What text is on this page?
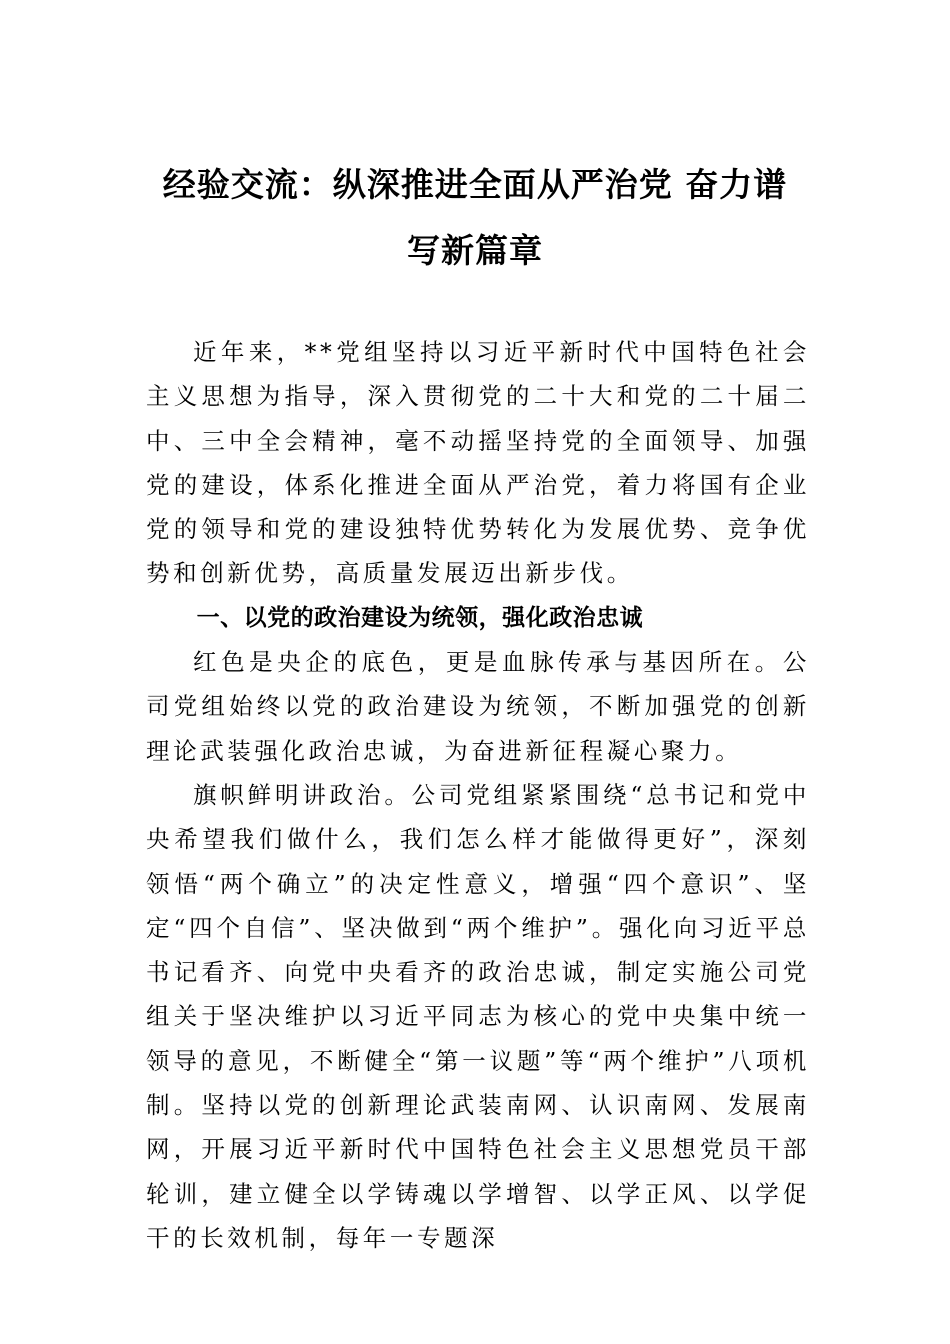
经验交流：纵深推进全面从严治党 奋力谱
写新篇章

近年来，**党组坚持以习近平新时代中国特色社会主义思想为指导，深入贯彻党的二十大和党的二十届二中、三中全会精神，毫不动摇坚持党的全面领导、加强党的建设，体系化推进全面从严治党，着力将国有企业党的领导和党的建设独特优势转化为发展优势、竞争优势和创新优势，高质量发展迈出新步伐。

一、以党的政治建设为统领，强化政治忠诚

红色是央企的底色，更是血脉传承与基因所在。公司党组始终以党的政治建设为统领，不断加强党的创新理论武装强化政治忠诚，为奋进新征程凝心聚力。

旗帜鲜明讲政治。公司党组紧紧围绕“总书记和党中央希望我们做什么，我们怎么样才能做得更好”，深刻领悟“两个确立”的决定性意义，增强“四个意识”、坚定“四个自信”、坚决做到“两个维护”。强化向习近平总书记看齐、向党中央看齐的政治忠诚，制定实施公司党组关于坚决维护以习近平同志为核心的党中央集中统一领导的意见，不断健全“第一议题”等“两个维护”八项机制。坚持以党的创新理论武装南网、认识南网、发展南网，开展习近平新时代中国特色社会主义思想党员干部轮训，建立健全以学铸魂以学增智、以学正风、以学促干的长效机制，每年一专题深
